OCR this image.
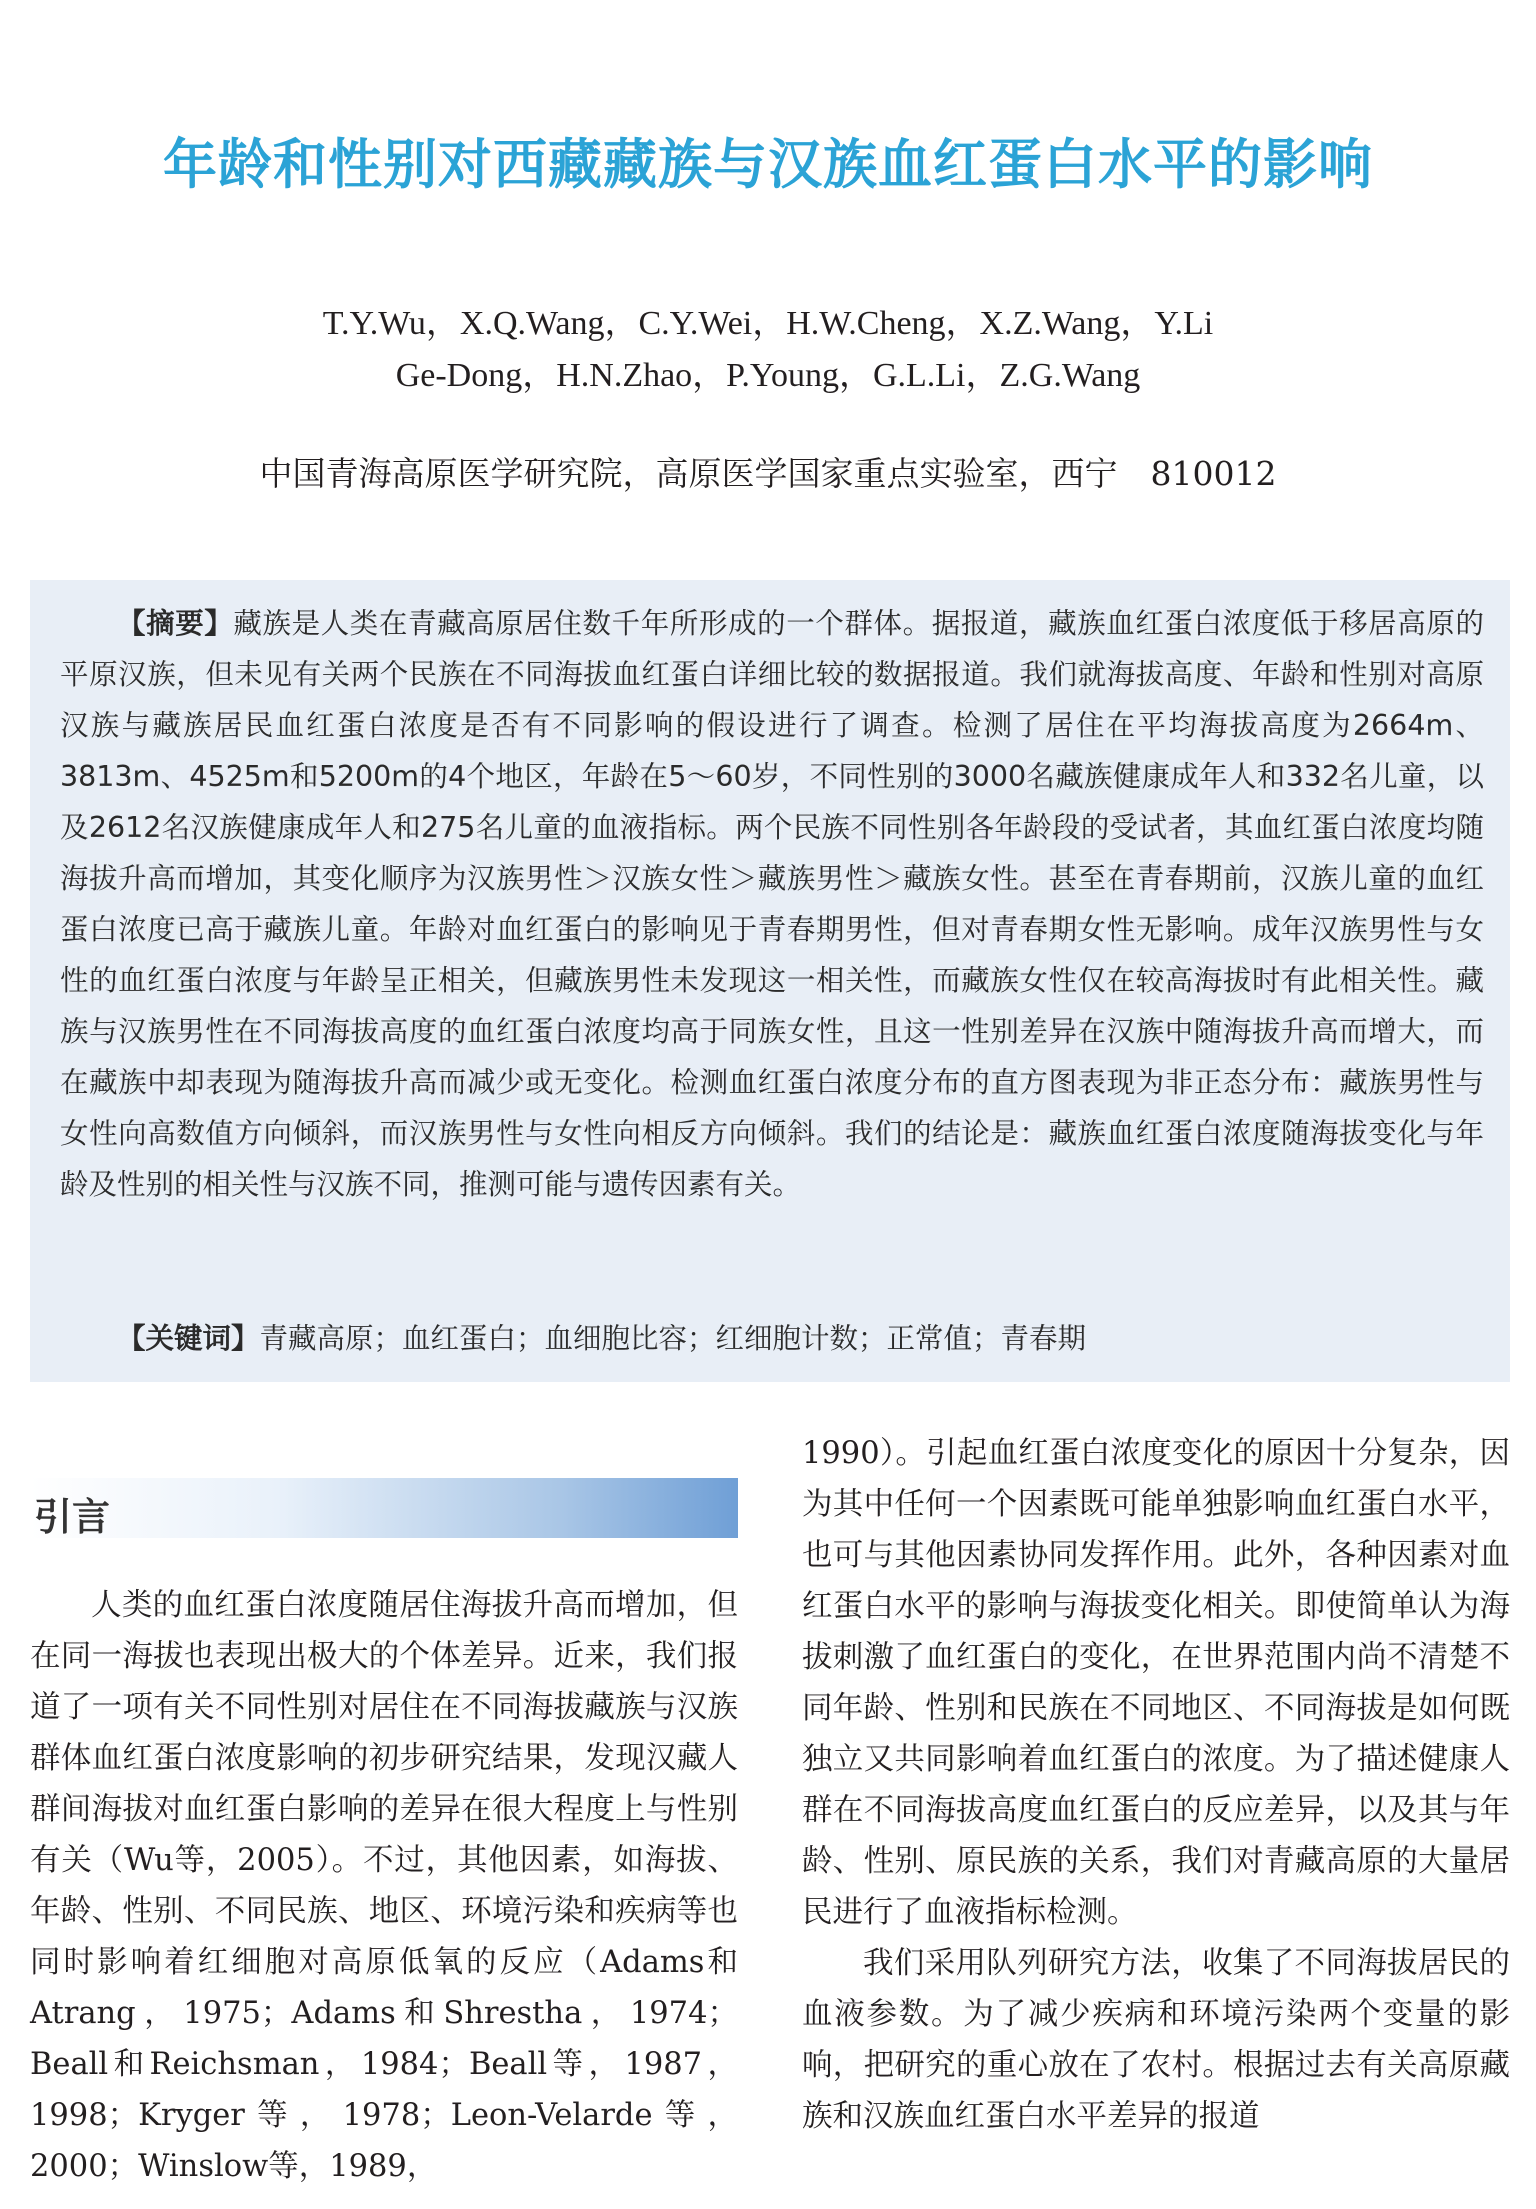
年龄和性别对西藏藏族与汉族血红蛋白水平的影响
T.Y.Wu，X.Q.Wang，C.Y.Wei，H.W.Cheng，X.Z.Wang，Y.Li
Ge-Dong，H.N.Zhao，P.Young，G.L.Li，Z.G.Wang
中国青海高原医学研究院，高原医学国家重点实验室，西宁　810012
【摘要】藏族是人类在青藏高原居住数千年所形成的一个群体。据报道，藏族血红蛋白浓度低于移居高原的平原汉族，但未见有关两个民族在不同海拔血红蛋白详细比较的数据报道。我们就海拔高度、年龄和性别对高原汉族与藏族居民血红蛋白浓度是否有不同影响的假设进行了调查。检测了居住在平均海拔高度为2664m、3813m、4525m和5200m的4个地区，年龄在5～60岁，不同性别的3000名藏族健康成年人和332名儿童，以及2612名汉族健康成年人和275名儿童的血液指标。两个民族不同性别各年龄段的受试者，其血红蛋白浓度均随海拔升高而增加，其变化顺序为汉族男性＞汉族女性＞藏族男性＞藏族女性。甚至在青春期前，汉族儿童的血红蛋白浓度已高于藏族儿童。年龄对血红蛋白的影响见于青春期男性，但对青春期女性无影响。成年汉族男性与女性的血红蛋白浓度与年龄呈正相关，但藏族男性未发现这一相关性，而藏族女性仅在较高海拔时有此相关性。藏族与汉族男性在不同海拔高度的血红蛋白浓度均高于同族女性，且这一性别差异在汉族中随海拔升高而增大，而在藏族中却表现为随海拔升高而减少或无变化。检测血红蛋白浓度分布的直方图表现为非正态分布：藏族男性与女性向高数值方向倾斜，而汉族男性与女性向相反方向倾斜。我们的结论是：藏族血红蛋白浓度随海拔变化与年龄及性别的相关性与汉族不同，推测可能与遗传因素有关。
【关键词】青藏高原；血红蛋白；血细胞比容；红细胞计数；正常值；青春期
引言

人类的血红蛋白浓度随居住海拔升高而增加，但在同一海拔也表现出极大的个体差异。近来，我们报道了一项有关不同性别对居住在不同海拔藏族与汉族群体血红蛋白浓度影响的初步研究结果，发现汉藏人群间海拔对血红蛋白影响的差异在很大程度上与性别有关（Wu等，2005）。不过，其他因素，如海拔、年龄、性别、不同民族、地区、环境污染和疾病等也同时影响着红细胞对高原低氧的反应（Adams和Atrang，1975；Adams和Shrestha，1974；Beall和Reichsman，1984；Beall等，1987，1998；Kryger等，1978；Leon-Velarde等，2000；Winslow等，1989，

1990）。引起血红蛋白浓度变化的原因十分复杂，因为其中任何一个因素既可能单独影响血红蛋白水平，也可与其他因素协同发挥作用。此外，各种因素对血红蛋白水平的影响与海拔变化相关。即使简单认为海拔刺激了血红蛋白的变化，在世界范围内尚不清楚不同年龄、性别和民族在不同地区、不同海拔是如何既独立又共同影响着血红蛋白的浓度。为了描述健康人群在不同海拔高度血红蛋白的反应差异，以及其与年龄、性别、原民族的关系，我们对青藏高原的大量居民进行了血液指标检测。

我们采用队列研究方法，收集了不同海拔居民的血液参数。为了减少疾病和环境污染两个变量的影响，把研究的重心放在了农村。根据过去有关高原藏族和汉族血红蛋白水平差异的报道
